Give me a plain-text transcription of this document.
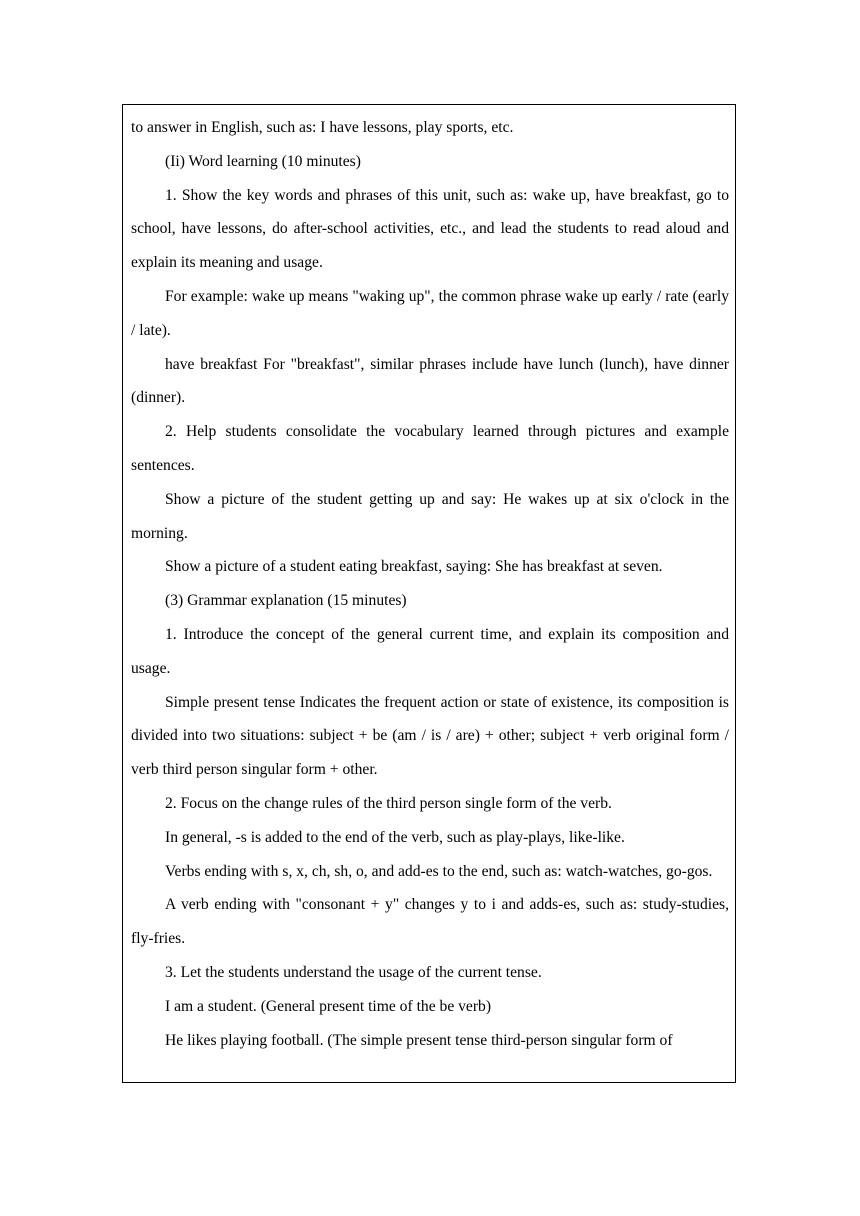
to answer in English, such as: I have lessons, play sports, etc.

(Ii) Word learning (10 minutes)

1. Show the key words and phrases of this unit, such as: wake up, have breakfast, go to school, have lessons, do after-school activities, etc., and lead the students to read aloud and explain its meaning and usage.

For example: wake up means "waking up", the common phrase wake up early / rate (early / late).

have breakfast For "breakfast", similar phrases include have lunch (lunch), have dinner (dinner).

2. Help students consolidate the vocabulary learned through pictures and example sentences.

Show a picture of the student getting up and say: He wakes up at six o'clock in the morning.

Show a picture of a student eating breakfast, saying: She has breakfast at seven.

(3) Grammar explanation (15 minutes)

1. Introduce the concept of the general current time, and explain its composition and usage.

Simple present tense Indicates the frequent action or state of existence, its composition is divided into two situations: subject + be (am / is / are) + other; subject + verb original form / verb third person singular form + other.

2. Focus on the change rules of the third person single form of the verb.

In general, -s is added to the end of the verb, such as play-plays, like-like.

Verbs ending with s, x, ch, sh, o, and add-es to the end, such as: watch-watches, go-gos.

A verb ending with "consonant + y" changes y to i and adds-es, such as: study-studies, fly-fries.

3. Let the students understand the usage of the current tense.

I am a student. (General present time of the be verb)

He likes playing football. (The simple present tense third-person singular form of
